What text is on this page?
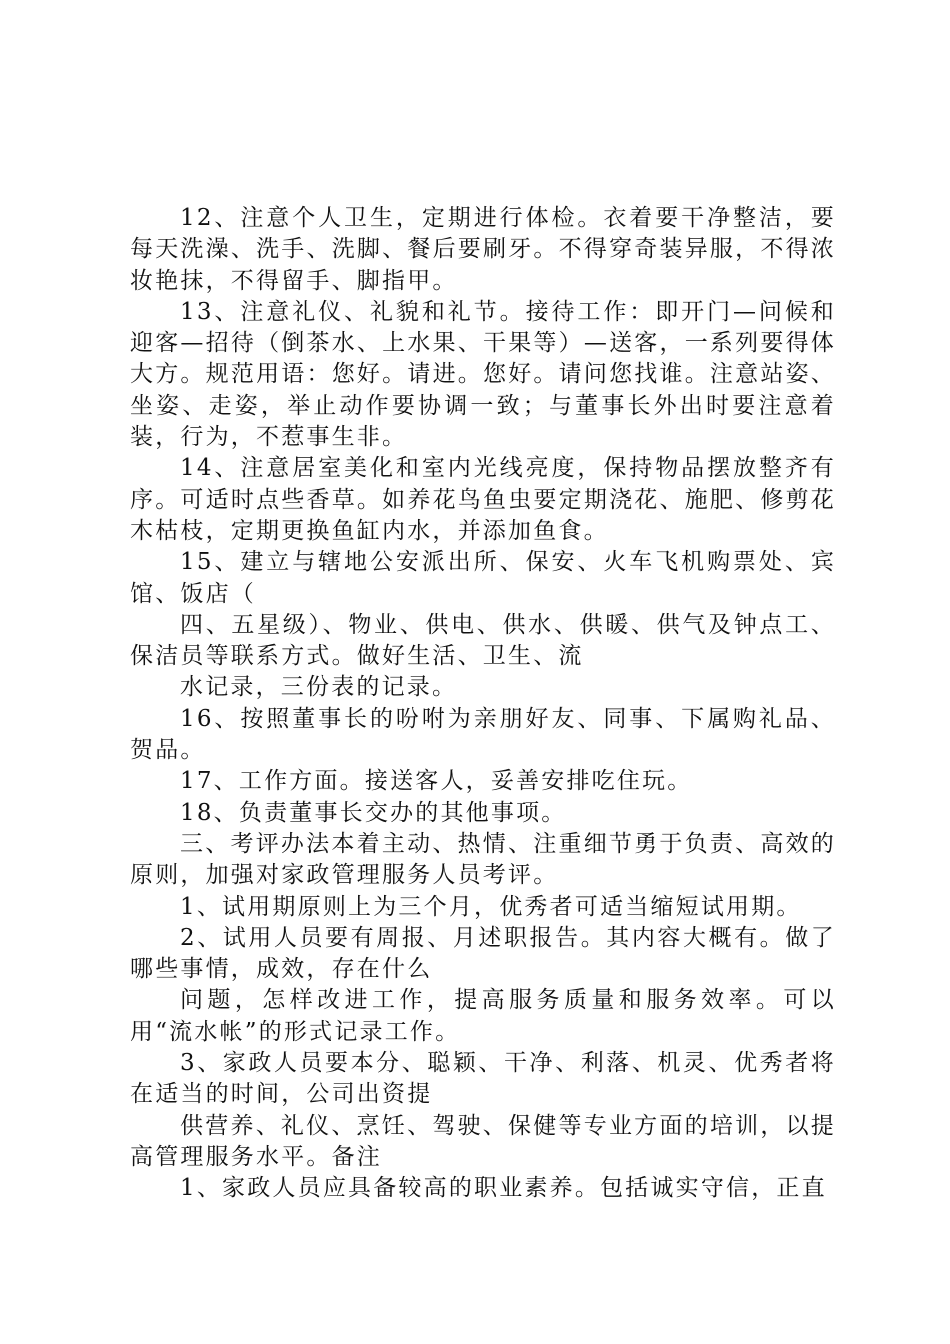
12、注意个人卫生，定期进行体检。衣着要干净整洁，要每天洗澡、洗手、洗脚、餐后要刷牙。不得穿奇装异服，不得浓妆艳抹，不得留手、脚指甲。

13、注意礼仪、礼貌和礼节。接待工作：即开门—问候和迎客—招待（倒茶水、上水果、干果等）—送客，一系列要得体大方。规范用语：您好。请进。您好。请问您找谁。注意站姿、坐姿、走姿，举止动作要协调一致；与董事长外出时要注意着装，行为，不惹事生非。

14、注意居室美化和室内光线亮度，保持物品摆放整齐有序。可适时点些香草。如养花鸟鱼虫要定期浇花、施肥、修剪花木枯枝，定期更换鱼缸内水，并添加鱼食。

15、建立与辖地公安派出所、保安、火车飞机购票处、宾馆、饭店（

四、五星级）、物业、供电、供水、供暖、供气及钟点工、保洁员等联系方式。做好生活、卫生、流

水记录，三份表的记录。

16、按照董事长的吩咐为亲朋好友、同事、下属购礼品、贺品。

17、工作方面。接送客人，妥善安排吃住玩。

18、负责董事长交办的其他事项。

三、考评办法本着主动、热情、注重细节勇于负责、高效的原则，加强对家政管理服务人员考评。

1、试用期原则上为三个月，优秀者可适当缩短试用期。

2、试用人员要有周报、月述职报告。其内容大概有。做了哪些事情，成效，存在什么

问题，怎样改进工作，提高服务质量和服务效率。可以用“流水帐”的形式记录工作。

3、家政人员要本分、聪颖、干净、利落、机灵、优秀者将在适当的时间，公司出资提

供营养、礼仪、烹饪、驾驶、保健等专业方面的培训，以提高管理服务水平。备注

1、家政人员应具备较高的职业素养。包括诚实守信，正直
